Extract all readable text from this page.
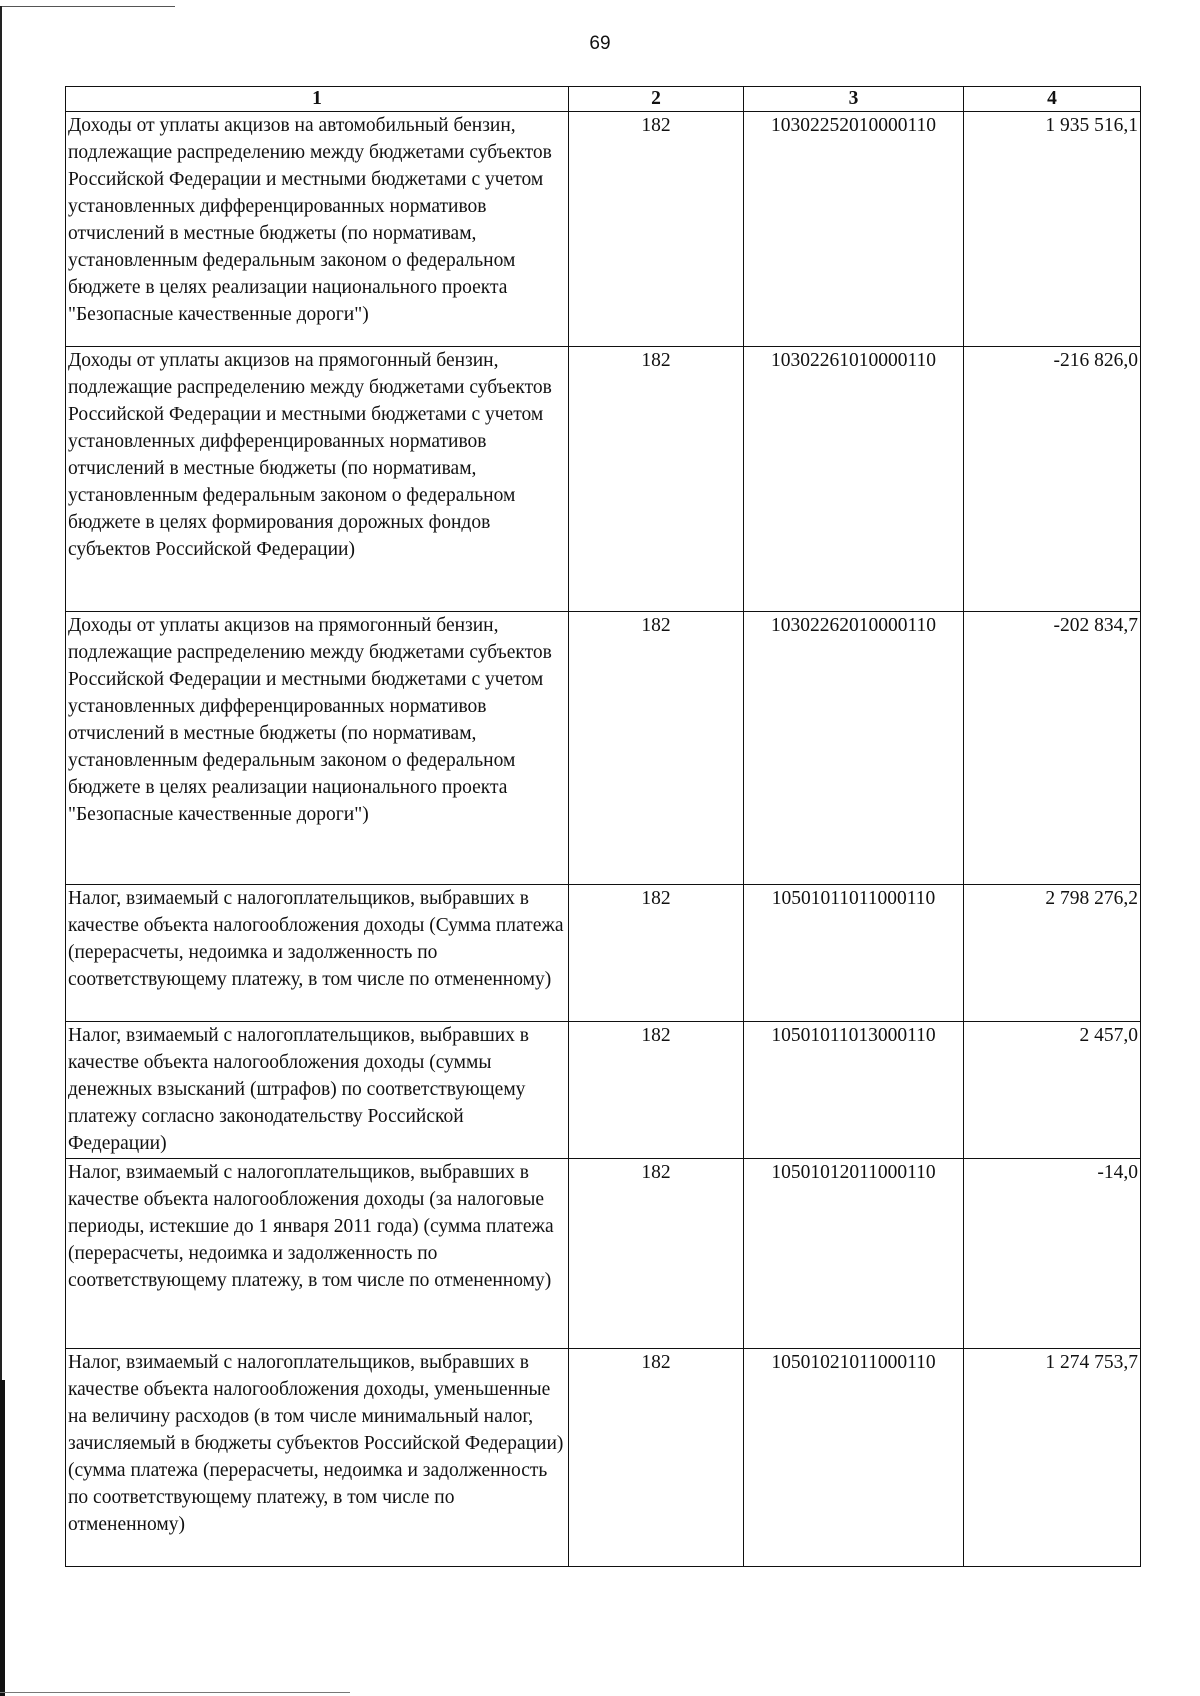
69
1	2	3	4
Доходы от уплаты акцизов на автомобильный бензин, подлежащие распределению между бюджетами субъектов Российской Федерации и местными бюджетами с учетом установленных дифференцированных нормативов отчислений в местные бюджеты (по нормативам, установленным федеральным законом о федеральном бюджете в целях реализации национального проекта "Безопасные качественные дороги")	182	10302252010000110	1 935 516,1
Доходы от уплаты акцизов на прямогонный бензин, подлежащие распределению между бюджетами субъектов Российской Федерации и местными бюджетами с учетом установленных дифференцированных нормативов отчислений в местные бюджеты (по нормативам, установленным федеральным законом о федеральном бюджете в целях формирования дорожных фондов субъектов Российской Федерации)	182	10302261010000110	-216 826,0
Доходы от уплаты акцизов на прямогонный бензин, подлежащие распределению между бюджетами субъектов Российской Федерации и местными бюджетами с учетом установленных дифференцированных нормативов отчислений в местные бюджеты (по нормативам, установленным федеральным законом о федеральном бюджете в целях реализации национального проекта "Безопасные качественные дороги")	182	10302262010000110	-202 834,7
Налог, взимаемый с налогоплательщиков, выбравших в качестве объекта налогообложения доходы (Сумма платежа (перерасчеты, недоимка и задолженность по соответствующему платежу, в том числе по отмененному)	182	10501011011000110	2 798 276,2
Налог, взимаемый с налогоплательщиков, выбравших в качестве объекта налогообложения доходы (суммы денежных взысканий (штрафов) по соответствующему платежу согласно законодательству Российской Федерации)	182	10501011013000110	2 457,0
Налог, взимаемый с налогоплательщиков, выбравших в качестве объекта налогообложения доходы (за налоговые периоды, истекшие до 1 января 2011 года) (сумма платежа (перерасчеты, недоимка и задолженность по соответствующему платежу, в том числе по отмененному)	182	10501012011000110	-14,0
Налог, взимаемый с налогоплательщиков, выбравших в качестве объекта налогообложения доходы, уменьшенные на величину расходов (в том числе минимальный налог, зачисляемый в бюджеты субъектов Российской Федерации) (сумма платежа (перерасчеты, недоимка и задолженность по соответствующему платежу, в том числе по отмененному)	182	10501021011000110	1 274 753,7
